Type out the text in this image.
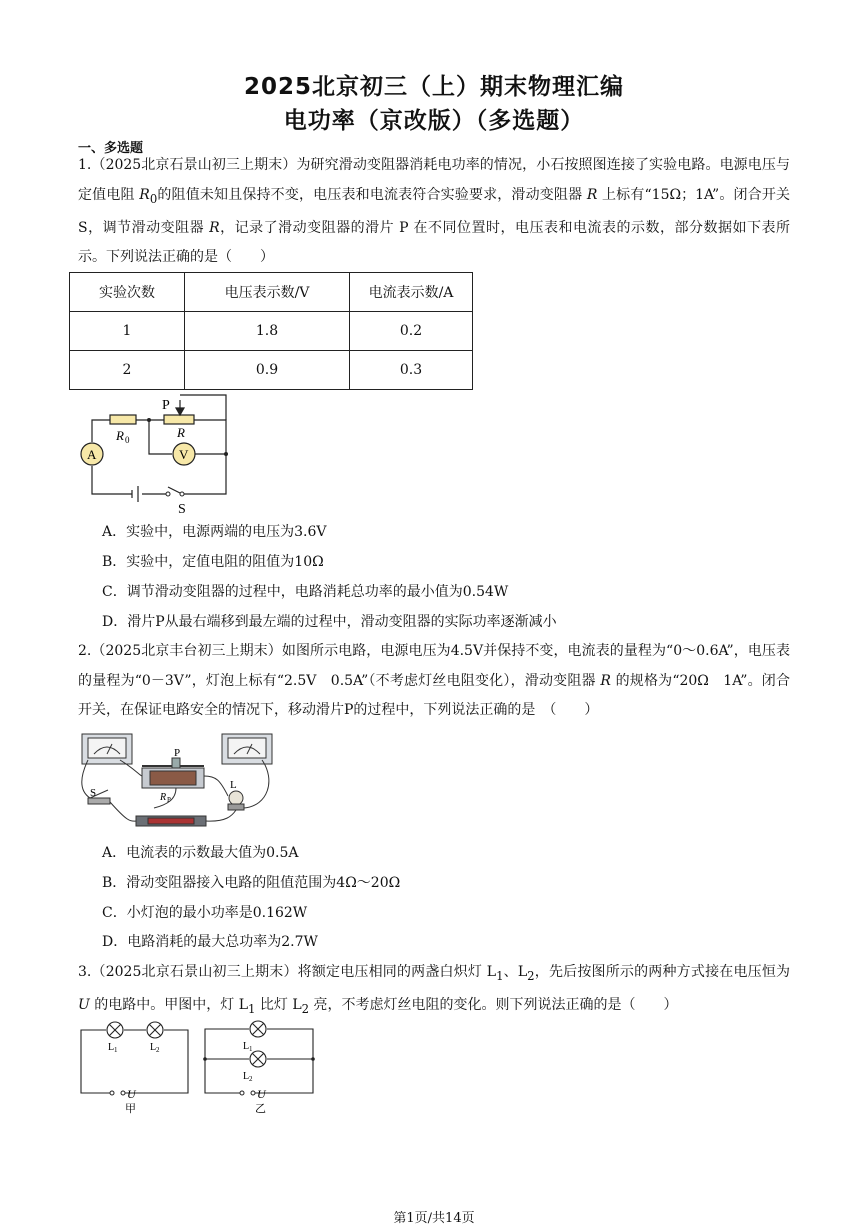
2025北京初三（上）期末物理汇编
电功率（京改版）（多选题）
一、多选题
1.（2025北京石景山初三上期末）为研究滑动变阻器消耗电功率的情况，小石按照图连接了实验电路。电源电压与定值电阻 $R_0$的阻值未知且保持不变，电压表和电流表符合实验要求，滑动变阻器 R 上标有“15Ω；1A”。闭合开关 S，调节滑动变阻器 R，记录了滑动变阻器的滑片 P 在不同位置时，电压表和电流表的示数，部分数据如下表所示。下列说法正确的是（　　）
实验次数	电压表示数/V	电流表示数/A
1	1.8	0.2
2	0.9	0.3
P
R 0	R
A	V
S
A．实验中，电源两端的电压为3.6V
B．实验中，定值电阻的阻值为10Ω
C．调节滑动变阻器的过程中，电路消耗总功率的最小值为0.54W
D．滑片P从最右端移到最左端的过程中，滑动变阻器的实际功率逐渐减小
2.（2025北京丰台初三上期末）如图所示电路，电源电压为4.5V并保持不变，电流表的量程为“0～0.6A”，电压表的量程为“0－3V”，灯泡上标有“2.5V　0.5A”（不考虑灯丝电阻变化），滑动变阻器 R 的规格为“20Ω　1A”。闭合开关，在保证电路安全的情况下，移动滑片P的过程中，下列说法正确的是　（　　）
P
L
S	R P
A．电流表的示数最大值为0.5A
B．滑动变阻器接入电路的阻值范围为4Ω～20Ω
C．小灯泡的最小功率是0.162W
D．电路消耗的最大总功率为2.7W
3.（2025北京石景山初三上期末）将额定电压相同的两盏白炽灯 $L_1$、$L_2$，先后按图所示的两种方式接在电压恒为 U 的电路中。甲图中，灯 $L_1$ 比灯 $L_2$ 亮，不考虑灯丝电阻的变化。则下列说法正确的是（　　）
L 1	L 2
U
甲
L 1
L 2
U
乙
第1页/共14页
